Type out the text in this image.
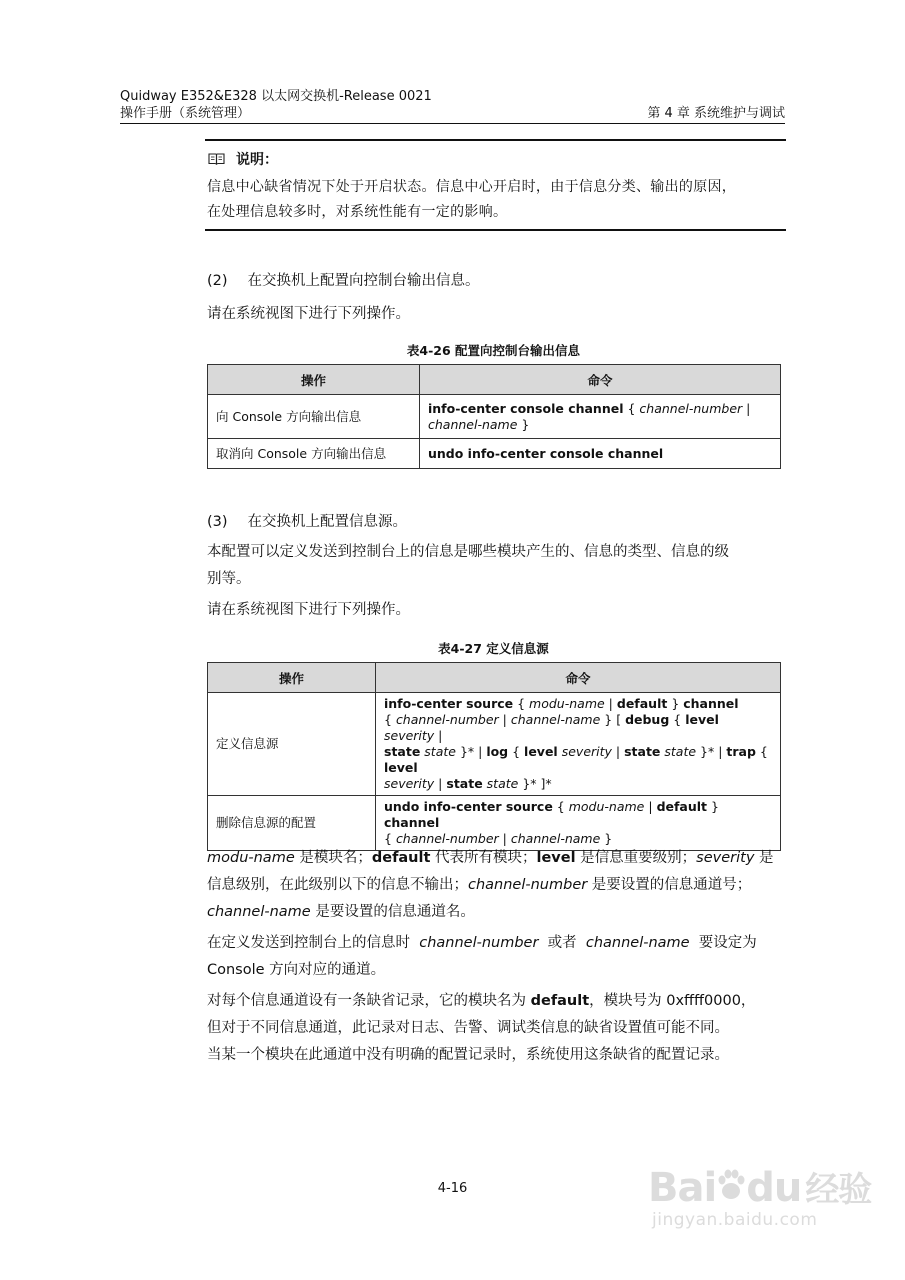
Quidway E352&E328 以太网交换机-Release 0021
操作手册（系统管理）	第 4 章 系统维护与调试
说明：
信息中心缺省情况下处于开启状态。信息中心开启时，由于信息分类、输出的原因，
在处理信息较多时，对系统性能有一定的影响。
(2) 在交换机上配置向控制台输出信息。
请在系统视图下进行下列操作。
表4-26 配置向控制台输出信息
操作	命令
向 Console 方向输出信息	info-center console channel { channel-number |
channel-name }
取消向 Console 方向输出信息	undo info-center console channel
(3) 在交换机上配置信息源。
本配置可以定义发送到控制台上的信息是哪些模块产生的、信息的类型、信息的级
别等。
请在系统视图下进行下列操作。
表4-27 定义信息源
操作	命令
定义信息源	info-center source { modu-name | default } channel
{ channel-number | channel-name } [ debug { level severity |
state state }* | log { level severity | state state }* | trap { level
severity | state state }* ]*
删除信息源的配置	undo info-center source { modu-name | default } channel
{ channel-number | channel-name }
modu-name 是模块名；default 代表所有模块；level 是信息重要级别；severity 是
信息级别，在此级别以下的信息不输出；channel-number 是要设置的信息通道号；
channel-name 是要设置的信息通道名。
在定义发送到控制台上的信息时  channel-number  或者  channel-name  要设定为
Console 方向对应的通道。
对每个信息通道设有一条缺省记录，它的模块名为 default，模块号为 0xffff0000，
但对于不同信息通道，此记录对日志、告警、调试类信息的缺省设置值可能不同。
当某一个模块在此通道中没有明确的配置记录时，系统使用这条缺省的配置记录。
4-16	Bai du 经验
jingyan.baidu.com
